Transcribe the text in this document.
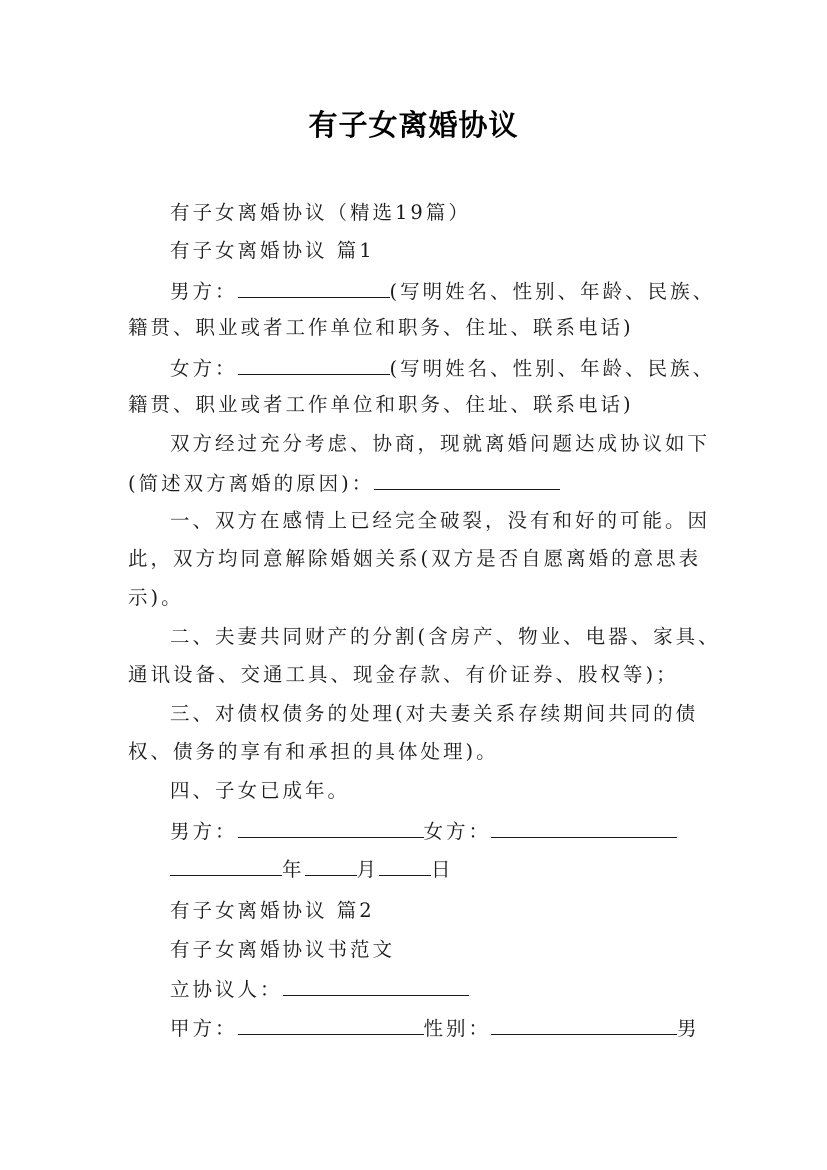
有子女离婚协议
有子女离婚协议（精选19篇）
有子女离婚协议 篇1
男方：	(写明姓名、性别、年龄、民族、
籍贯、职业或者工作单位和职务、住址、联系电话)
女方：	(写明姓名、性别、年龄、民族、
籍贯、职业或者工作单位和职务、住址、联系电话)
双方经过充分考虑、协商，现就离婚问题达成协议如下
(简述双方离婚的原因)：
一、双方在感情上已经完全破裂，没有和好的可能。因
此，双方均同意解除婚姻关系(双方是否自愿离婚的意思表
示)。
二、夫妻共同财产的分割(含房产、物业、电器、家具、
通讯设备、交通工具、现金存款、有价证券、股权等)；
三、对债权债务的处理(对夫妻关系存续期间共同的债
权、债务的享有和承担的具体处理)。
四、子女已成年。
男方：	女方：
年	月	日
有子女离婚协议 篇2
有子女离婚协议书范文
立协议人：
甲方：	性别：	男
